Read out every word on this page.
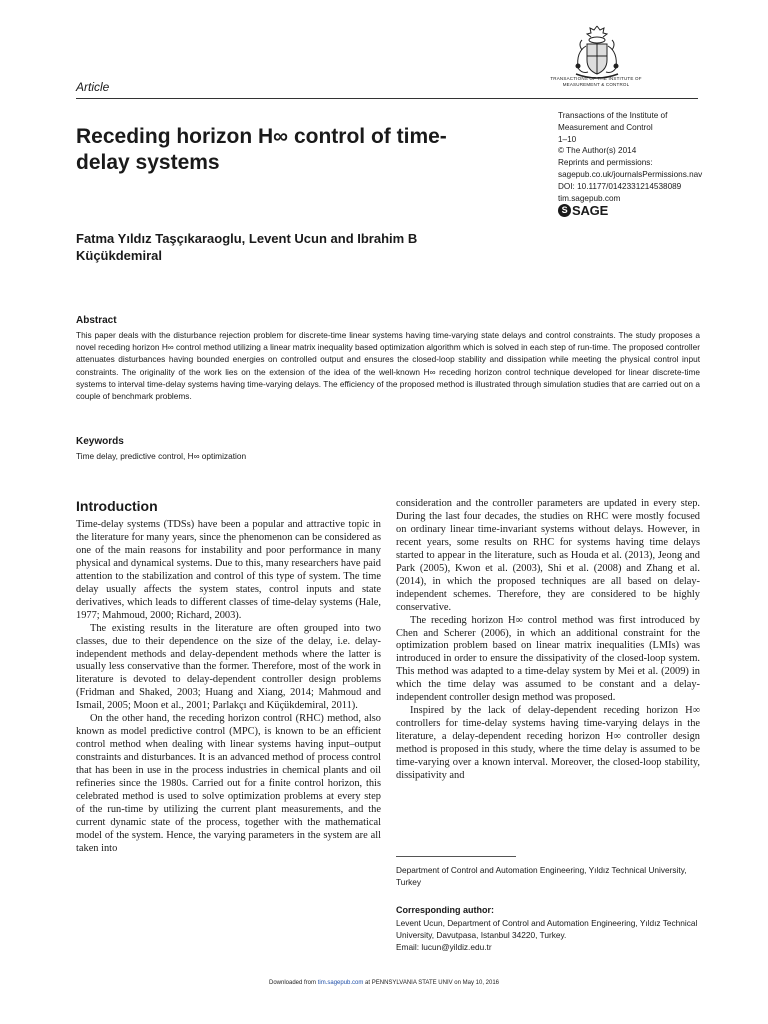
Article
TRANSACTIONS OF THE INSTITUTE OF MEASUREMENT & CONTROL
Transactions of the Institute of
Measurement and Control
1–10
© The Author(s) 2014
Reprints and permissions:
sagepub.co.uk/journalsPermissions.nav
DOI: 10.1177/0142331214538089
tim.sagepub.com
S SAGE
Receding horizon H∞ control of time-delay systems
Fatma Yıldız Taşçıkaraoglu, Levent Ucun and Ibrahim B Küçükdemiral
Abstract
This paper deals with the disturbance rejection problem for discrete-time linear systems having time-varying state delays and control constraints. The study proposes a novel receding horizon H∞ control method utilizing a linear matrix inequality based optimization algorithm which is solved in each step of run-time. The proposed controller attenuates disturbances having bounded energies on controlled output and ensures the closed-loop stability and dissipation while meeting the physical control input constraints. The originality of the work lies on the extension of the idea of the well-known H∞ receding horizon control technique developed for linear discrete-time systems to interval time-delay systems having time-varying delays. The efficiency of the proposed method is illustrated through simulation studies that are carried out on a couple of benchmark problems.
Keywords
Time delay, predictive control, H∞ optimization
Introduction

Time-delay systems (TDSs) have been a popular and attractive topic in the literature for many years, since the phenomenon can be considered as one of the main reasons for instability and poor performance in many physical and dynamical systems. Due to this, many researchers have paid attention to the stabilization and control of this type of system. The time delay usually affects the system states, control inputs and state derivatives, which leads to different classes of time-delay systems (Hale, 1977; Mahmoud, 2000; Richard, 2003).

The existing results in the literature are often grouped into two classes, due to their dependence on the size of the delay, i.e. delay-independent methods and delay-dependent methods where the latter is usually less conservative than the former. Therefore, most of the work in literature is devoted to delay-dependent controller design problems (Fridman and Shaked, 2003; Huang and Xiang, 2014; Mahmoud and Ismail, 2005; Moon et al., 2001; Parlakçı and Küçükdemiral, 2011).

On the other hand, the receding horizon control (RHC) method, also known as model predictive control (MPC), is known to be an efficient control method when dealing with linear systems having input–output constraints and disturbances. It is an advanced method of process control that has been in use in the process industries in chemical plants and oil refineries since the 1980s. Carried out for a finite control horizon, this celebrated method is used to solve optimization problems at every step of the run-time by utilizing the current plant measurements, and the current dynamic state of the process, together with the mathematical model of the system. Hence, the varying parameters in the system are all taken into

consideration and the controller parameters are updated in every step. During the last four decades, the studies on RHC were mostly focused on ordinary linear time-invariant systems without delays. However, in recent years, some results on RHC for systems having time delays started to appear in the literature, such as Houda et al. (2013), Jeong and Park (2005), Kwon et al. (2003), Shi et al. (2008) and Zhang et al. (2014), in which the proposed techniques are all based on delay-independent schemes. Therefore, they are considered to be highly conservative.

The receding horizon H∞ control method was first introduced by Chen and Scherer (2006), in which an additional constraint for the optimization problem based on linear matrix inequalities (LMIs) was introduced in order to ensure the dissipativity of the closed-loop system. This method was adapted to a time-delay system by Mei et al. (2009) in which the time delay was assumed to be constant and a delay-independent controller design method was proposed.

Inspired by the lack of delay-dependent receding horizon H∞ controllers for time-delay systems having time-varying delays in the literature, a delay-dependent receding horizon H∞ controller design method is proposed in this study, where the time delay is assumed to be time-varying over a known interval. Moreover, the closed-loop stability, dissipativity and

Department of Control and Automation Engineering, Yıldız Technical University, Turkey
Corresponding author:
Levent Ucun, Department of Control and Automation Engineering, Yıldız Technical University, Davutpasa, Istanbul 34220, Turkey.
Email: lucun@yildiz.edu.tr
Downloaded from tim.sagepub.com at PENNSYLVANIA STATE UNIV on May 10, 2016
